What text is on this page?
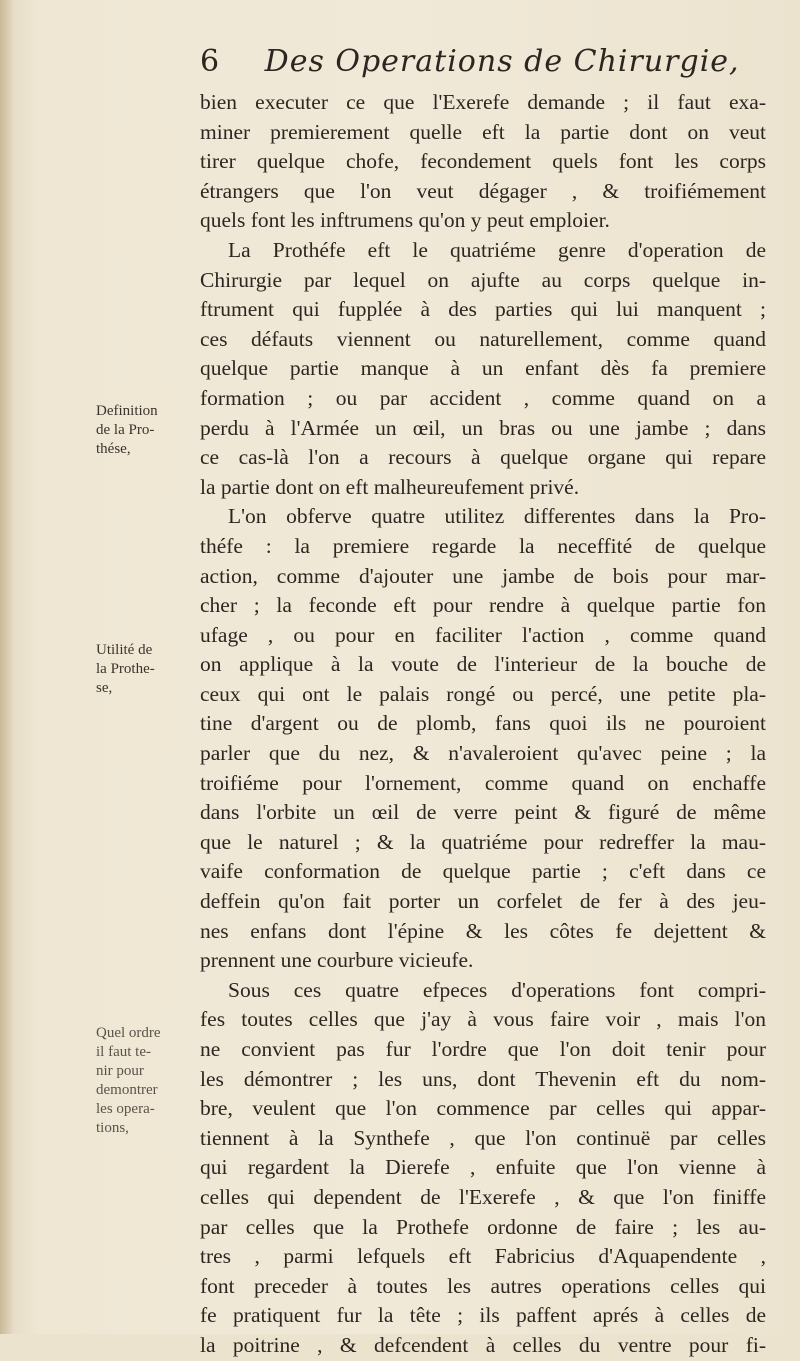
6 Des Operations de Chirurgie,
Definition
de la Pro-
thése,
Utilité de
la Prothe-
se,
Quel ordre
il faut te-
nir pour
demontrer
les opera-
tions,
bien executer ce que l'Exerefe demande ; il faut exa-
miner premierement quelle eft la partie dont on veut
tirer quelque chofe, fecondement quels font les corps
étrangers que l'on veut dégager , & troifiémement
quels font les inftrumens qu'on y peut emploier.
La Prothéfe eft le quatriéme genre d'operation de
Chirurgie par lequel on ajufte au corps quelque in-
ftrument qui fupplée à des parties qui lui manquent ;
ces défauts viennent ou naturellement, comme quand
quelque partie manque à un enfant dès fa premiere
formation ; ou par accident , comme quand on a
perdu à l'Armée un œil, un bras ou une jambe ; dans
ce cas-là l'on a recours à quelque organe qui repare
la partie dont on eft malheureufement privé.
L'on obferve quatre utilitez differentes dans la Pro-
théfe : la premiere regarde la neceffité de quelque
action, comme d'ajouter une jambe de bois pour mar-
cher ; la feconde eft pour rendre à quelque partie fon
ufage , ou pour en faciliter l'action , comme quand
on applique à la voute de l'interieur de la bouche de
ceux qui ont le palais rongé ou percé, une petite pla-
tine d'argent ou de plomb, fans quoi ils ne pouroient
parler que du nez, & n'avaleroient qu'avec peine ; la
troifiéme pour l'ornement, comme quand on enchaffe
dans l'orbite un œil de verre peint & figuré de même
que le naturel ; & la quatriéme pour redreffer la mau-
vaife conformation de quelque partie ; c'eft dans ce
deffein qu'on fait porter un corfelet de fer à des jeu-
nes enfans dont l'épine & les côtes fe dejettent &
prennent une courbure vicieufe.
Sous ces quatre efpeces d'operations font compri-
fes toutes celles que j'ay à vous faire voir , mais l'on
ne convient pas fur l'ordre que l'on doit tenir pour
les démontrer ; les uns, dont Thevenin eft du nom-
bre, veulent que l'on commence par celles qui appar-
tiennent à la Synthefe , que l'on continuë par celles
qui regardent la Dierefe , enfuite que l'on vienne à
celles qui dependent de l'Exerefe , & que l'on finiffe
par celles que la Prothefe ordonne de faire ; les au-
tres , parmi lefquels eft Fabricius d'Aquapendente ,
font preceder à toutes les autres operations celles qui
fe pratiquent fur la tête ; ils paffent aprés à celles de
la poitrine , & defcendent à celles du ventre pour fi-
